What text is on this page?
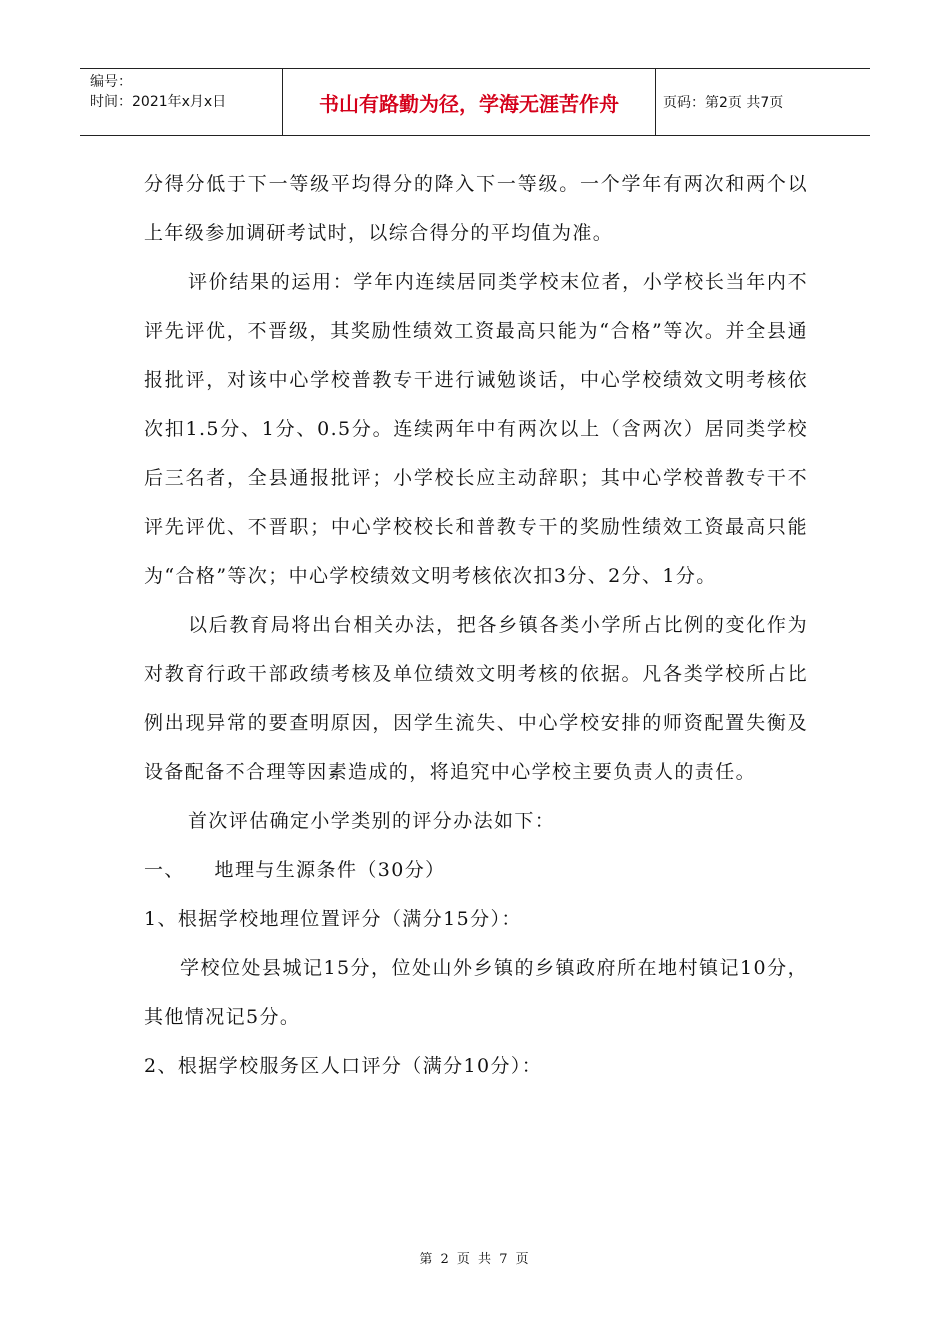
编号：
时间：2021年x月x日	书山有路勤为径，学海无涯苦作舟	页码：第2页 共7页

分得分低于下一等级平均得分的降入下一等级。一个学年有两次和两个以上年级参加调研考试时，以综合得分的平均值为准。

评价结果的运用：学年内连续居同类学校末位者，小学校长当年内不评先评优，不晋级，其奖励性绩效工资最高只能为“合格”等次。并全县通报批评，对该中心学校普教专干进行诫勉谈话，中心学校绩效文明考核依次扣1.5分、1分、0.5分。连续两年中有两次以上（含两次）居同类学校后三名者，全县通报批评；小学校长应主动辞职；其中心学校普教专干不评先评优、不晋职；中心学校校长和普教专干的奖励性绩效工资最高只能为“合格”等次；中心学校绩效文明考核依次扣3分、2分、1分。

以后教育局将出台相关办法，把各乡镇各类小学所占比例的变化作为对教育行政干部政绩考核及单位绩效文明考核的依据。凡各类学校所占比例出现异常的要查明原因，因学生流失、中心学校安排的师资配置失衡及设备配备不合理等因素造成的，将追究中心学校主要负责人的责任。

首次评估确定小学类别的评分办法如下：

一、    地理与生源条件（30分）

1、根据学校地理位置评分（满分15分）：

学校位处县城记15分，位处山外乡镇的乡镇政府所在地村镇记10分，其他情况记5分。

2、根据学校服务区人口评分（满分10分）：

第 2 页 共 7 页
